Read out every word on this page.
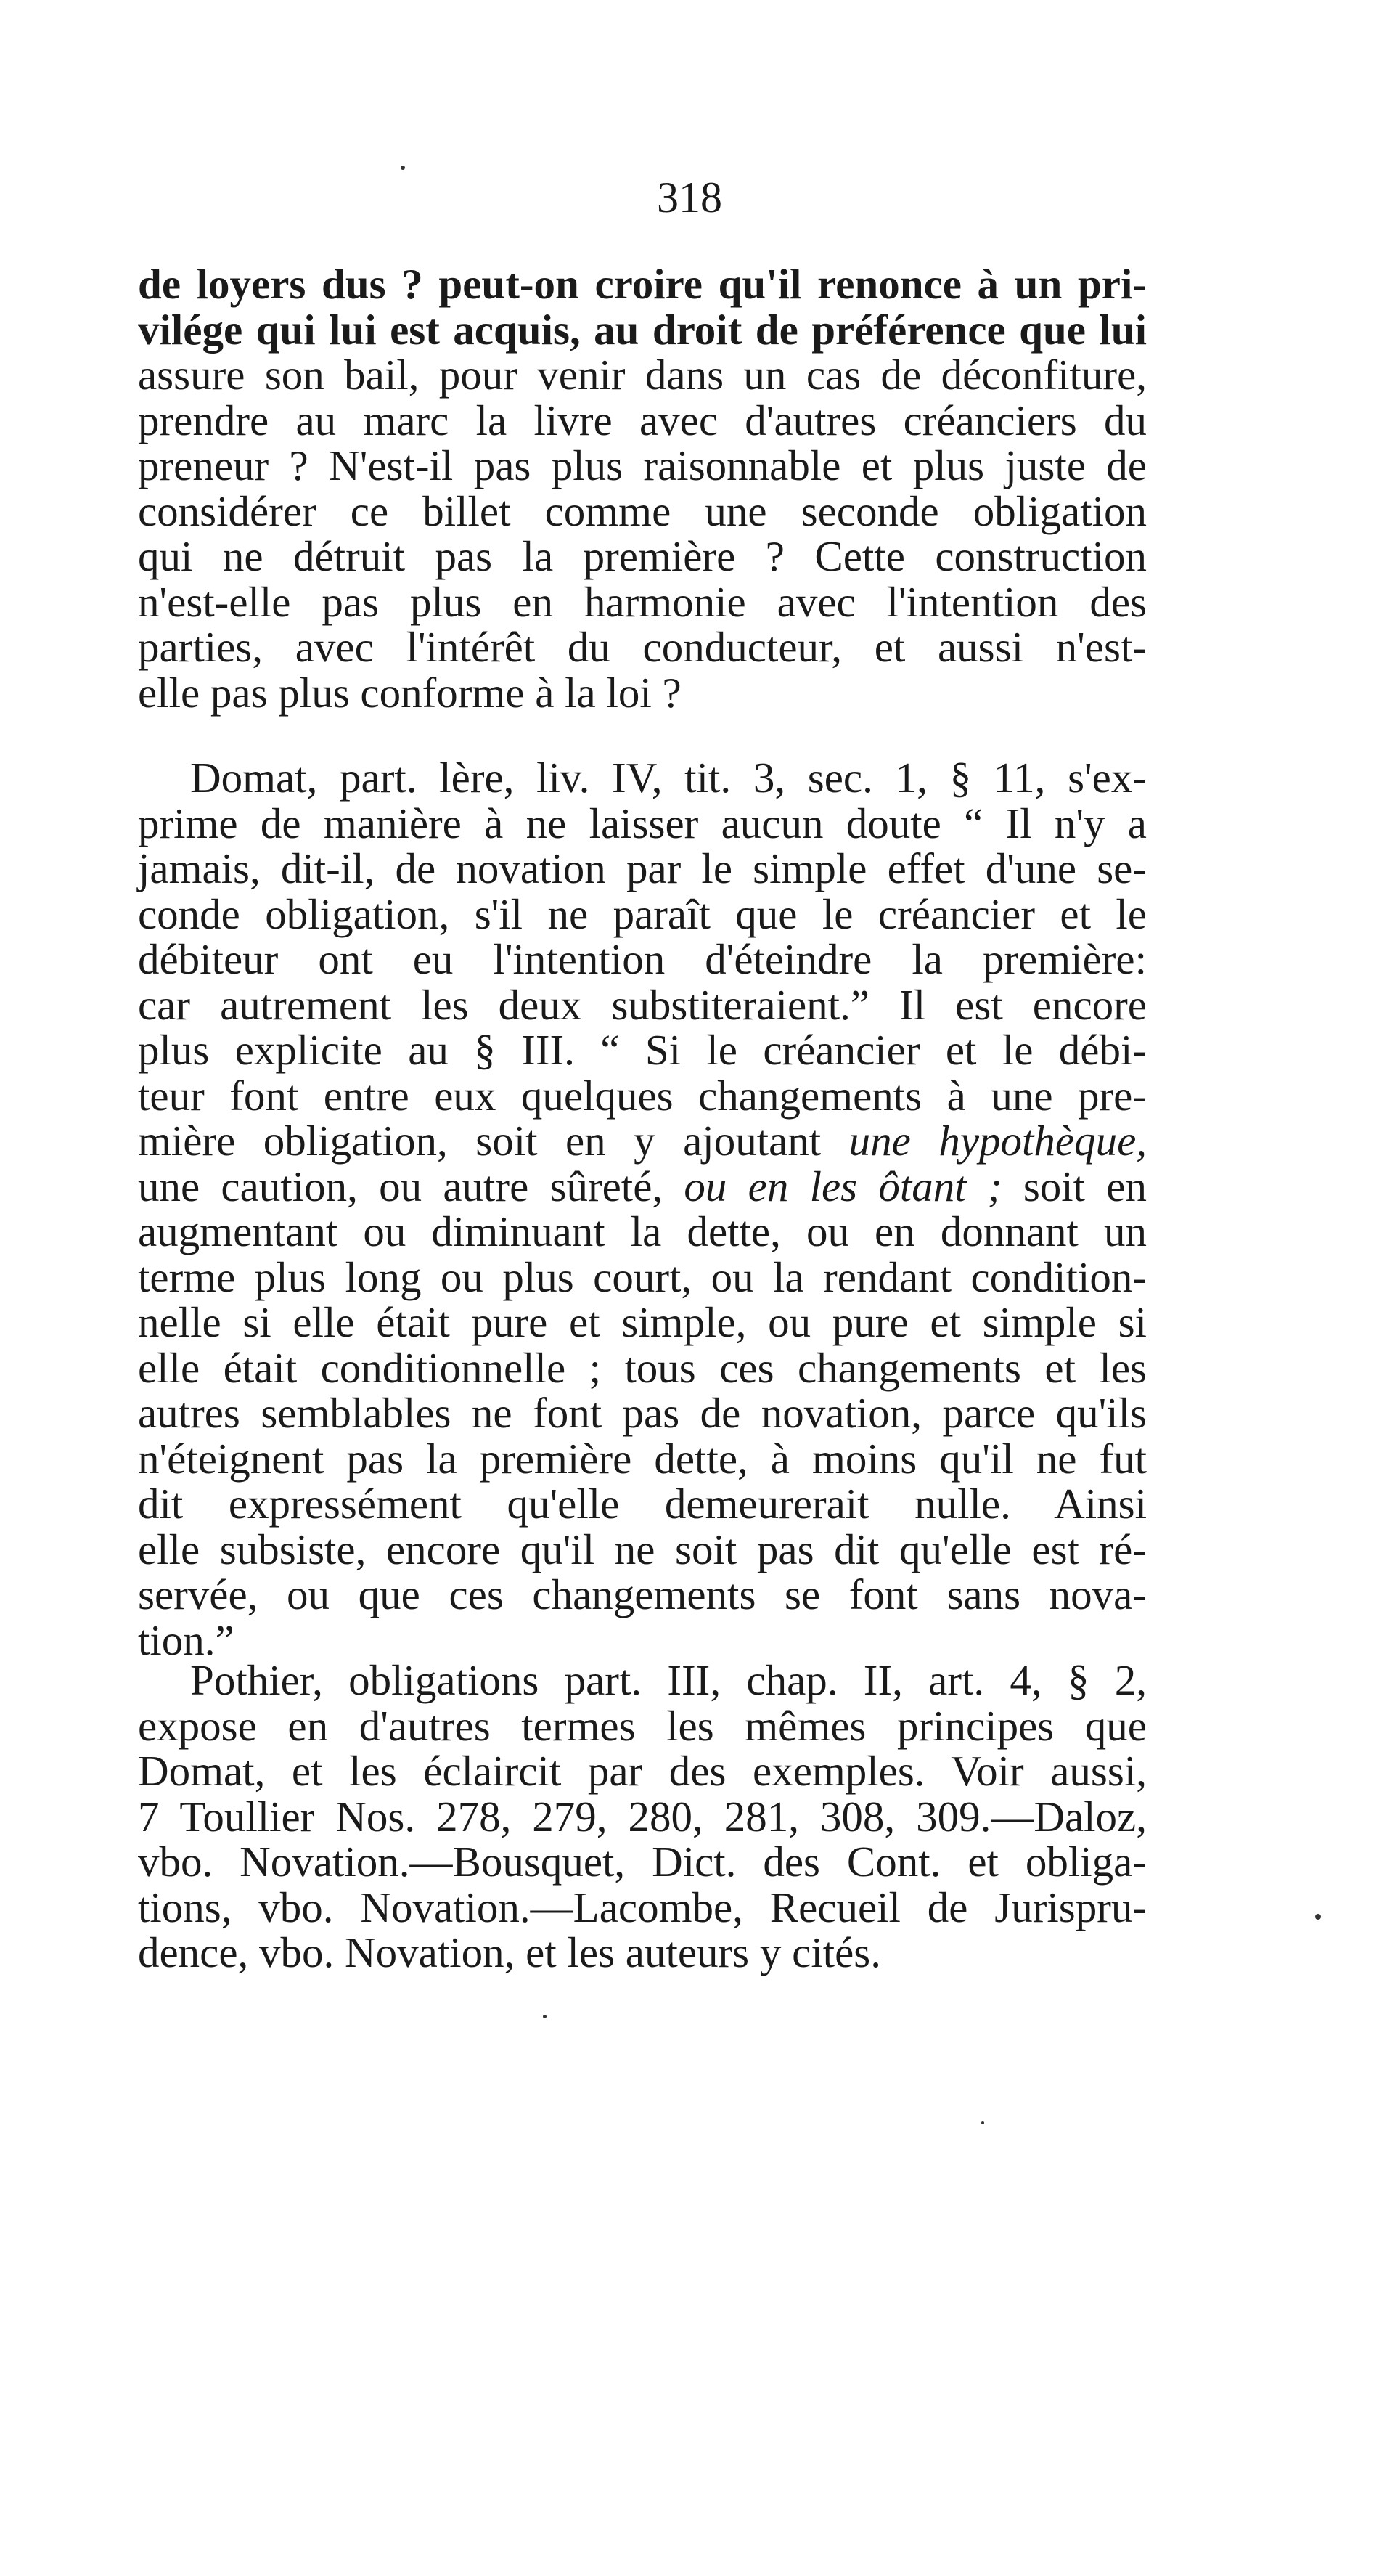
318
de loyers dus ? peut-on croire qu'il renonce à un pri-
vilége qui lui est acquis, au droit de préférence que lui
assure son bail, pour venir dans un cas de déconfiture,
prendre au marc la livre avec d'autres créanciers du
preneur ? N'est-il pas plus raisonnable et plus juste de
considérer ce billet comme une seconde obligation
qui ne détruit pas la première ? Cette construction
n'est-elle pas plus en harmonie avec l'intention des
parties, avec l'intérêt du conducteur, et aussi n'est-
elle pas plus conforme à la loi ?
Domat, part. lère, liv. IV, tit. 3, sec. 1, § 11, s'ex-
prime de manière à ne laisser aucun doute “ Il n'y a
jamais, dit-il, de novation par le simple effet d'une se-
conde obligation, s'il ne paraît que le créancier et le
débiteur ont eu l'intention d'éteindre la première:
car autrement les deux substiteraient.” Il est encore
plus explicite au § III. “ Si le créancier et le débi-
teur font entre eux quelques changements à une pre-
mière obligation, soit en y ajoutant une hypothèque,
une caution, ou autre sûreté, ou en les ôtant ; soit en
augmentant ou diminuant la dette, ou en donnant un
terme plus long ou plus court, ou la rendant condition-
nelle si elle était pure et simple, ou pure et simple si
elle était conditionnelle ; tous ces changements et les
autres semblables ne font pas de novation, parce qu'ils
n'éteignent pas la première dette, à moins qu'il ne fut
dit expressément qu'elle demeurerait nulle. Ainsi
elle subsiste, encore qu'il ne soit pas dit qu'elle est ré-
servée, ou que ces changements se font sans nova-
tion.”
Pothier, obligations part. III, chap. II, art. 4, § 2,
expose en d'autres termes les mêmes principes que
Domat, et les éclaircit par des exemples. Voir aussi,
7 Toullier Nos. 278, 279, 280, 281, 308, 309.—Daloz,
vbo. Novation.—Bousquet, Dict. des Cont. et obliga-
tions, vbo. Novation.—Lacombe, Recueil de Jurispru-
dence, vbo. Novation, et les auteurs y cités.
